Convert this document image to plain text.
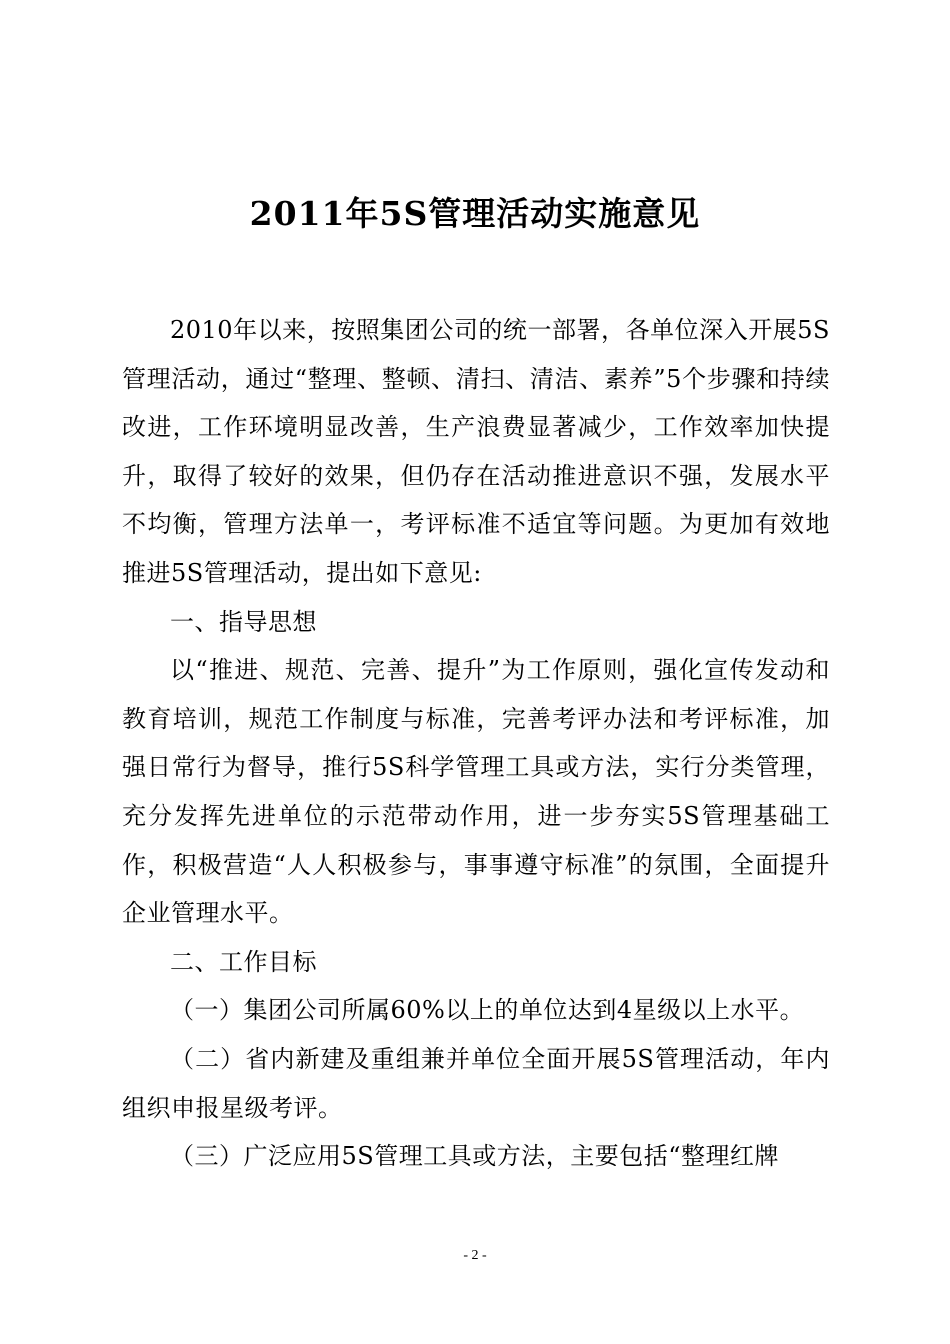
2011年5S管理活动实施意见

2010年以来，按照集团公司的统一部署，各单位深入开展5S管理活动，通过“整理、整顿、清扫、清洁、素养”5个步骤和持续改进，工作环境明显改善，生产浪费显著减少，工作效率加快提升，取得了较好的效果，但仍存在活动推进意识不强，发展水平不均衡，管理方法单一，考评标准不适宜等问题。为更加有效地推进5S管理活动，提出如下意见:

一、指导思想

以“推进、规范、完善、提升”为工作原则，强化宣传发动和教育培训，规范工作制度与标准，完善考评办法和考评标准，加强日常行为督导，推行5S科学管理工具或方法，实行分类管理，充分发挥先进单位的示范带动作用，进一步夯实5S管理基础工作，积极营造“人人积极参与，事事遵守标准”的氛围，全面提升企业管理水平。

二、工作目标

（一）集团公司所属60%以上的单位达到4星级以上水平。

（二）省内新建及重组兼并单位全面开展5S管理活动，年内组织申报星级考评。

（三）广泛应用5S管理工具或方法，主要包括“整理红牌

- 2 -
